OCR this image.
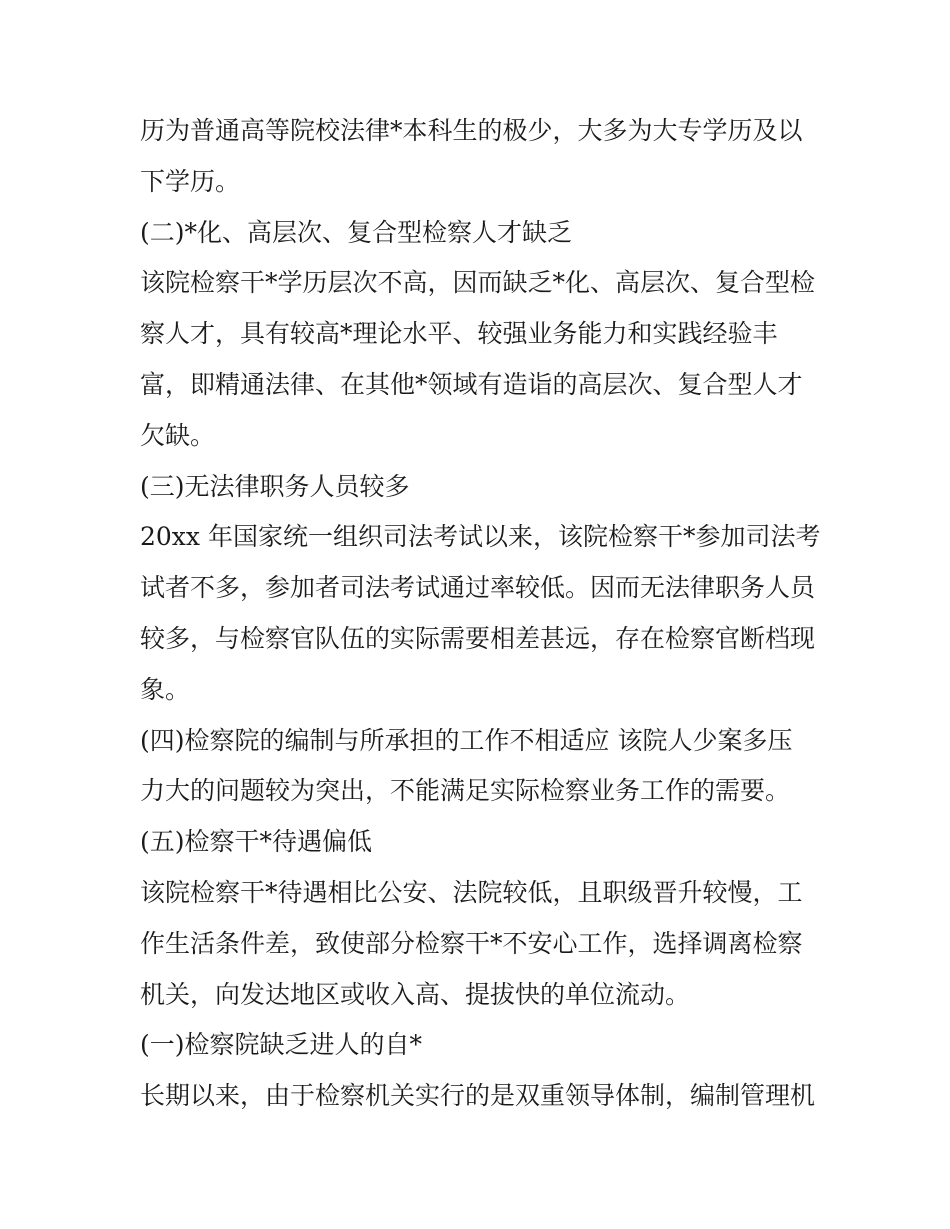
历为普通高等院校法律*本科生的极少，大多为大专学历及以

下学历。

(二)*化、高层次、复合型检察人才缺乏

该院检察干*学历层次不高，因而缺乏*化、高层次、复合型检

察人才，具有较高*理论水平、较强业务能力和实践经验丰

富，即精通法律、在其他*领域有造诣的高层次、复合型人才

欠缺。

(三)无法律职务人员较多

20xx 年国家统一组织司法考试以来，该院检察干*参加司法考

试者不多，参加者司法考试通过率较低。因而无法律职务人员

较多，与检察官队伍的实际需要相差甚远，存在检察官断档现

象。

(四)检察院的编制与所承担的工作不相适应 该院人少案多压

力大的问题较为突出，不能满足实际检察业务工作的需要。

(五)检察干*待遇偏低

该院检察干*待遇相比公安、法院较低，且职级晋升较慢，工

作生活条件差，致使部分检察干*不安心工作，选择调离检察

机关，向发达地区或收入高、提拔快的单位流动。

(一)检察院缺乏进人的自*

长期以来，由于检察机关实行的是双重领导体制，编制管理机
